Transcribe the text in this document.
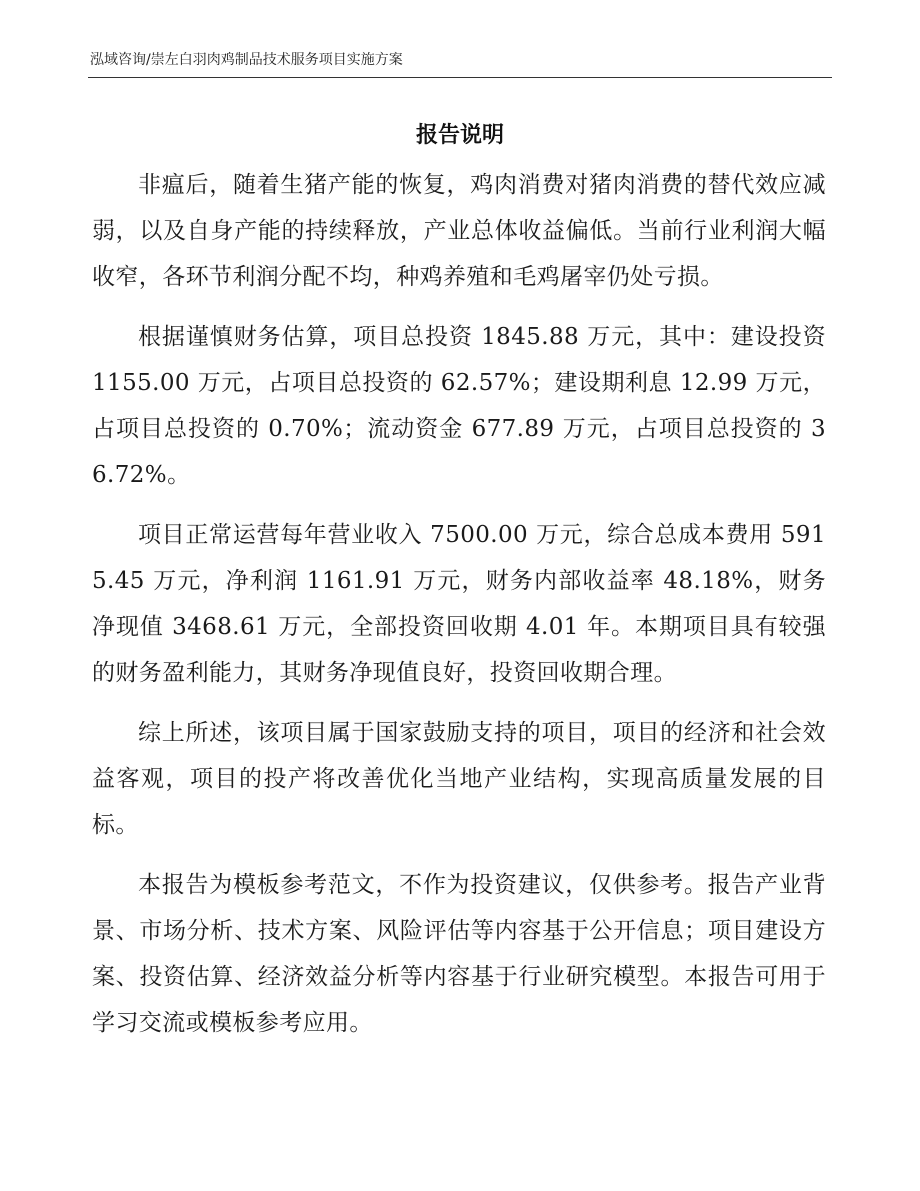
泓域咨询/崇左白羽肉鸡制品技术服务项目实施方案
报告说明

非瘟后，随着生猪产能的恢复，鸡肉消费对猪肉消费的替代效应减弱，以及自身产能的持续释放，产业总体收益偏低。当前行业利润大幅收窄，各环节利润分配不均，种鸡养殖和毛鸡屠宰仍处亏损。

根据谨慎财务估算，项目总投资 1845.88 万元，其中：建设投资 1155.00 万元，占项目总投资的 62.57%；建设期利息 12.99 万元，占项目总投资的 0.70%；流动资金 677.89 万元，占项目总投资的 36.72%。

项目正常运营每年营业收入 7500.00 万元，综合总成本费用 5915.45 万元，净利润 1161.91 万元，财务内部收益率 48.18%，财务净现值 3468.61 万元，全部投资回收期 4.01 年。本期项目具有较强的财务盈利能力，其财务净现值良好，投资回收期合理。

综上所述，该项目属于国家鼓励支持的项目，项目的经济和社会效益客观，项目的投产将改善优化当地产业结构，实现高质量发展的目标。

本报告为模板参考范文，不作为投资建议，仅供参考。报告产业背景、市场分析、技术方案、风险评估等内容基于公开信息；项目建设方案、投资估算、经济效益分析等内容基于行业研究模型。本报告可用于学习交流或模板参考应用。
